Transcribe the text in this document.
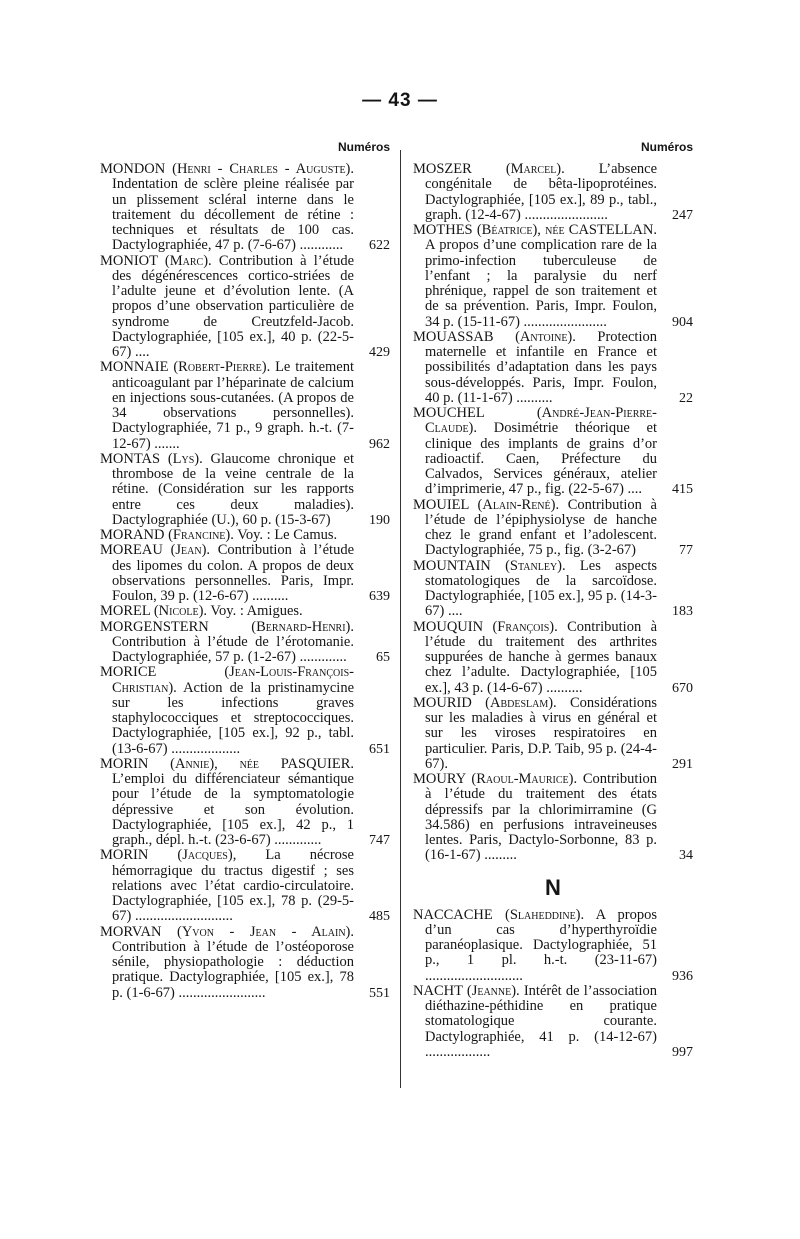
— 43 —
Numéros
MONDON (Henri - Charles - Auguste). Indentation de sclère pleine réalisée par un plissement scléral interne dans le traitement du décollement de rétine : techniques et résultats de 100 cas. Dactylographiée, 47 p. (7-6-67) ............	622
MONIOT (Marc). Contribution à l’étude des dégénérescences cortico-striées de l’adulte jeune et d’évolution lente. (A propos d’une observation particulière de syndrome de Creutzfeld-Jacob. Dactylographiée, [105 ex.], 40 p. (22-5-67) ....	429
MONNAIE (Robert-Pierre). Le traitement anticoagulant par l’héparinate de calcium en injections sous-cutanées. (A propos de 34 observations personnelles). Dactylographiée, 71 p., 9 graph. h.-t. (7-12-67) .......	962
MONTAS (Lys). Glaucome chronique et thrombose de la veine centrale de la rétine. (Considération sur les rapports entre ces deux maladies). Dactylographiée (U.), 60 p. (15-3-67)	190
MORAND (Francine). Voy. : Le Camus.
MOREAU (Jean). Contribution à l’étude des lipomes du colon. A propos de deux observations personnelles. Paris, Impr. Foulon, 39 p. (12-6-67) ..........	639
MOREL (Nicole). Voy. : Amigues.
MORGENSTERN	(Bernard-Henri). Contribution à l’étude de l’érotomanie. Dactylographiée, 57 p. (1-2-67) .............	65
MORICE	(Jean-Louis-François-Christian). Action de la pristinamycine sur les infections graves staphylococciques et streptococciques. Dactylographiée, [105 ex.], 92 p., tabl. (13-6-67) ...................	651
MORIN (Annie), née PASQUIER. L’emploi du différenciateur sémantique pour l’étude de la symptomatologie dépressive et son évolution. Dactylographiée, [105 ex.], 42 p., 1 graph., dépl. h.-t. (23-6-67) .............	747
MORIN (Jacques), La nécrose hémorragique du tractus digestif ; ses relations avec l’état cardio-circulatoire. Dactylographiée, [105 ex.], 78 p. (29-5-67) ...........................	485
MORVAN (Yvon - Jean - Alain). Contribution à l’étude de l’ostéoporose sénile, physiopathologie : déduction pratique. Dactylographiée, [105 ex.], 78 p. (1-6-67) ........................	551
Numéros
MOSZER (Marcel). L’absence congénitale de bêta-lipoprotéines. Dactylographiée, [105 ex.], 89 p., tabl., graph. (12-4-67) .......................	247
MOTHES (Béatrice), née CASTELLAN. A propos d’une complication rare de la primo-infection tuberculeuse de l’enfant ; la paralysie du nerf phrénique, rappel de son traitement et de sa prévention. Paris, Impr. Foulon, 34 p. (15-11-67) .......................	904
MOUASSAB (Antoine). Protection maternelle et infantile en France et possibilités d’adaptation dans les pays sous-développés. Paris, Impr. Foulon, 40 p. (11-1-67) ..........	22
MOUCHEL	(André-Jean-Pierre-Claude). Dosimétrie théorique et clinique des implants de grains d’or radioactif. Caen, Préfecture du Calvados, Services généraux, atelier d’imprimerie, 47 p., fig. (22-5-67) ....	415
MOUIEL (Alain-René). Contribution à l’étude de l’épiphysiolyse de hanche chez le grand enfant et l’adolescent. Dactylographiée, 75 p., fig. (3-2-67)	77
MOUNTAIN (Stanley). Les aspects stomatologiques de la sarcoïdose. Dactylographiée, [105 ex.], 95 p. (14-3-67) ....	183
MOUQUIN (François). Contribution à l’étude du traitement des arthrites suppurées de hanche à germes banaux chez l’adulte. Dactylographiée, [105 ex.], 43 p. (14-6-67) ..........	670
MOURID (Abdeslam). Considérations sur les maladies à virus en général et sur les viroses respiratoires en particulier. Paris, D.P. Taib, 95 p. (24-4-67).	291
MOURY (Raoul-Maurice). Contribution à l’étude du traitement des états dépressifs par la chlorimirramine (G 34.586) en perfusions intraveineuses lentes. Paris, Dactylo-Sorbonne, 83 p. (16-1-67) .........	34
N
NACCACHE (Slaheddine). A propos d’un cas d’hyperthyroïdie paranéoplasique. Dactylographiée, 51 p., 1 pl. h.-t. (23-11-67) ...........................	936
NACHT (Jeanne). Intérêt de l’association diéthazine-péthidine en pratique stomatologique courante. Dactylographiée, 41 p. (14-12-67) ..................	997
